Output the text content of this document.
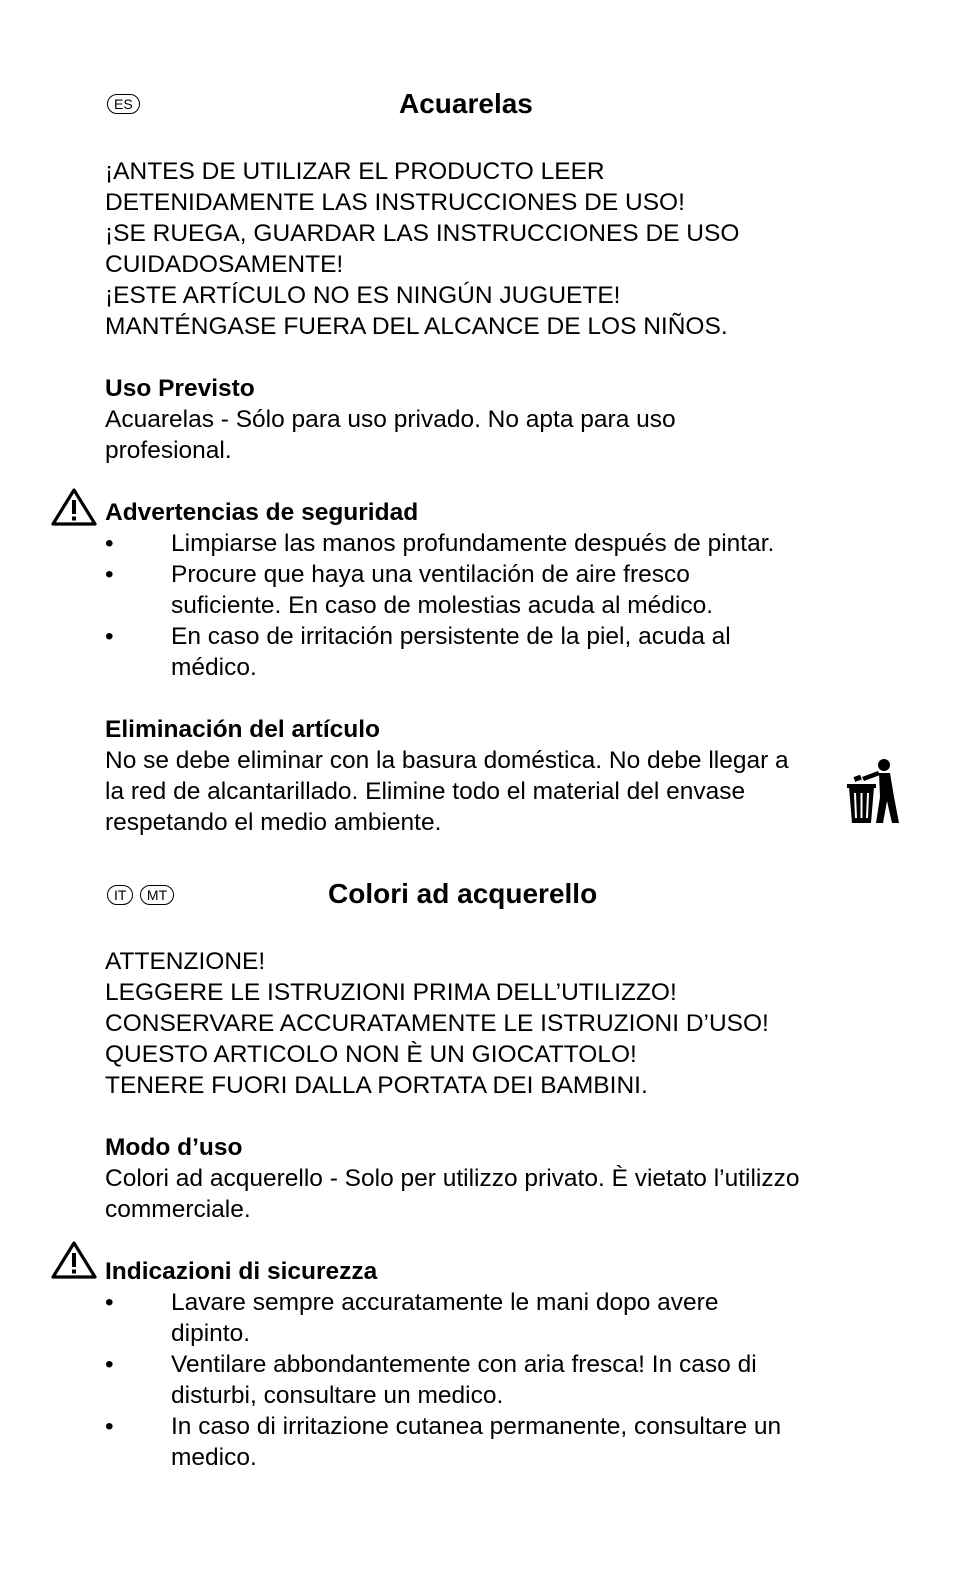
ES	Acuarelas
¡ANTES DE UTILIZAR EL PRODUCTO LEER
DETENIDAMENTE LAS INSTRUCCIONES DE USO!
¡SE RUEGA, GUARDAR LAS INSTRUCCIONES DE USO
CUIDADOSAMENTE!
¡ESTE ARTÍCULO NO ES NINGÚN JUGUETE!
MANTÉNGASE FUERA DEL ALCANCE DE LOS NIÑOS.
Uso Previsto
Acuarelas - Sólo para uso privado. No apta para uso
profesional.
Advertencias de seguridad
• Limpiarse las manos profundamente después de pintar.
• Procure que haya una ventilación de aire fresco
suficiente. En caso de molestias acuda al médico.
• En caso de irritación persistente de la piel, acuda al
médico.
Eliminación del artículo
No se debe eliminar con la basura doméstica. No debe llegar a
la red de alcantarillado. Elimine todo el material del envase
respetando el medio ambiente.
IT MT	Colori ad acquerello
ATTENZIONE!
LEGGERE LE ISTRUZIONI PRIMA DELL’UTILIZZO!
CONSERVARE ACCURATAMENTE LE ISTRUZIONI D’USO!
QUESTO ARTICOLO NON È UN GIOCATTOLO!
TENERE FUORI DALLA PORTATA DEI BAMBINI.
Modo d’uso
Colori ad acquerello - Solo per utilizzo privato. È vietato l’utilizzo
commerciale.
Indicazioni di sicurezza
• Lavare sempre accuratamente le mani dopo avere
dipinto.
• Ventilare abbondantemente con aria fresca! In caso di
disturbi, consultare un medico.
• In caso di irritazione cutanea permanente, consultare un
medico.
